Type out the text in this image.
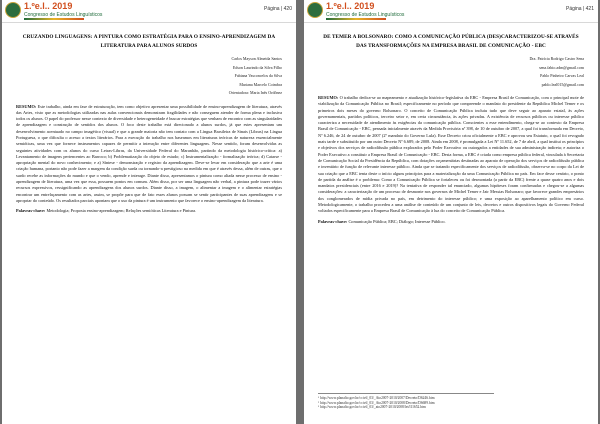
1.ºe.l.. 2019
Congresso de Estudos Linguísticos
Página | 420
CRUZANDO LINGUAGENS: A PINTURA COMO ESTRATÉGIA PARA O ENSINO-APRENDIZAGEM DA LITERATURA PARA ALUNOS SURDOS
Carlos Mayson Almeida Santos
Edson Laurindo da Silva Filho
Fabiana Vasconcelos da Silva
Mariana Marcelo Coimbra
Orientadora: Maria Inês Ordônez
RESUMO: Este trabalho, ainda em fase de estruturação, tem como objetivo apresentar uma possibilidade de ensino-aprendizagem de literatura, através das Artes, visto que as metodologias utilizadas nas aulas convencionais demonstram fragilidades e não conseguem atender de forma plena e inclusiva todos os alunos. O papel do professor nesse contexto de diversidade e heterogeneidade é buscar estratégias que venham de encontro com as singularidades de aprendizagem e construção de sentidos dos alunos. O foco deste trabalho está direcionado a alunos surdos, já que estes apresentam um desenvolvimento acentuado no campo imagético (visual) e que a grande maioria não tem contato com a Língua Brasileira de Sinais (Libras) na Língua Portuguesa, o que dificulta o acesso a textos literários. Para a execução do trabalho nos baseamos em literaturas teóricas de natureza essencialmente semióticas, uma vez que fornece instrumentos capazes de permitir a interação entre diferentes linguagens. Nesse sentido, foram desenvolvidas as seguintes atividades com os alunos do curso Letras-Libras, da Universidade Federal do Maranhão, partindo da metodologia histórico-crítica: a) Levantamento de imagens pertencentes ao Barroco; b) Problematização do objeto de estudo; c) Instrumentalização - formalização teórica; d) Catarse - apropriação mental do novo conhecimento; e a) Síntese - demonstração e registro da aprendizagem. Deve-se levar em consideração que a arte é uma criação humana, portanto não pode fazer a margem da condição surda ou tornando-a prestigioso na medida em que é através dessa, além de outras, que o surdo recebe as informações do mundo e que o vendo, aprende e interage. Diante disso, apresentamos o pintura como aliada nesse processo de ensino - aprendizagem de literatura, uma vez que essa, possuem pontos em comum. Além disso, por ser uma linguagem não verbal, a pintura pode trazer vários recursos expressivos, ressignificando as aprendizagens dos alunos surdos. Diante disso, a imagem, o alimentar a imagem e o alimentar estratégias encontrar um entrelaçamento com as artes, assim, se propõe para que de fato esses alunos possam se sentir participantes de suas aprendizagens e se apropriar do conteúdo. Os resultados parciais apontam que o uso da pintura é um instrumento que favorece o ensino-aprendizagem da literatura.
Palavras-chave: Metodologia; Proposta ensino-aprendizagem; Relações semióticas Literatura e Pintura.
1.ºe.l.. 2019
Congresso de Estudos Linguísticos
Página | 421
DE TEMER A BOLSONARO: COMO A COMUNICAÇÃO PÚBLICA (DES)CARACTERIZOU-SE ATRAVÉS DAS TRANSFORMAÇÕES NA EMPRESA BRASIL DE COMUNICAÇÃO - EBC
Dra. Patrícia Rodrigo Castro Sena
sena.fabio.adm@gmail.com
Pablo Pinheiro Carvas Leal
pablo.leal015@gmail.com
RESUMO: O trabalho dedica-se ao mapeamento e atualização histórico-legislativa da EBC - Empresa Brasil de Comunicação, com o principal mote de viabilização da Comunicação Pública no Brasil; especificamente no período que compreende o mandato do presidente da República Michel Temer e os primeiros dois meses do governo Bolsonaro. O conceito de Comunicação Pública incluiu tudo que deve seguir ao aparato estatal, às ações governamentais, partidos políticos, terceiro setor e, em certa circunstância, às ações privadas. A existência de recursos públicos ou interesse público caracteriza a necessidade de atendimento às exigências da comunicação pública. Conscientes a esse entendimento, chega-se ao contexto da Empresa Brasil de Comunicação - EBC, pensada inicialmente através da Medida Provisória nº 398, de 10 de outubro de 2007, a qual foi transformada em Decreto, Nº 6.246, de 24 de outubro de 2007 (2º mandato do Governo Lula). Esse Decreto criou oficialmente a EBC e aprovou seu Estatuto, o qual foi revogado mais tarde e substituído por um outro Decreto Nº 6.689, de 2008. Ainda em 2008, é promulgada a Lei Nº 11.652, de 7 de abril, a qual institui os princípios e objetivos dos serviços de radiodifusão pública explorados pelo Poder Executivo ou outorgados a entidades de sua administração indireta; e autoriza o Poder Executivo a constituir a Empresa Brasil de Comunicação - EBC. Desta forma, a EBC é criada como empresa pública federal, vinculada à Secretaria de Comunicação Social da Presidência da República, com dotações orçamentárias destinadas ao aparato de operação dos serviços de radiodifusão pública e inventário de função de relevante interesse público. Ainda que se tratando especificamente dos serviços de radiodifusão, observa-se no corpo da Lei de sua criação que a EBC tenta deste o início alguns princípios para a materialização da uma Comunicação Pública no país. Em face desse cenário, o ponto de partida da análise é o problema: Como a Comunicação Pública se fortaleceu ou foi desmontada (a partir da EBC) frente a quase quatro anos e dois mandatos presidenciais (entre 2016 e 2019)? Na tentativa de responder tal enunciado, algumas hipóteses foram confirmadas e chegou-se a algumas considerações: a caracterização de um processo de desmonte nos governos de Michel Temer e Jair Messias Bolsonaro; que favorece grandes empresários dos conglomerados de mídia privada no país, em detrimento do interesse público; e uma exposição ao aparelhamento político em curso. Metodologicamente, o trabalho procedeu a uma análise de conteúdo de um conjunto de leis, decretos e outros dispositivos legais do Governo Federal voltados especificamente para a Empresa Brasil de Comunicação à luz do conceito de Comunicação Pública.
Palavras-chave: Comunicação Pública; EBC; Diálogo; Interesse Público.
¹ http://www.planalto.gov.br/ccivil_03/_Ato2007-2010/2007/Decreto/D6246.htm
² http://www.planalto.gov.br/ccivil_03/_Ato2007-2010/2008/Decreto/D6689.htm
³ http://www.planalto.gov.br/ccivil_03/_ato2007-2010/2008/lei/l11652.htm
